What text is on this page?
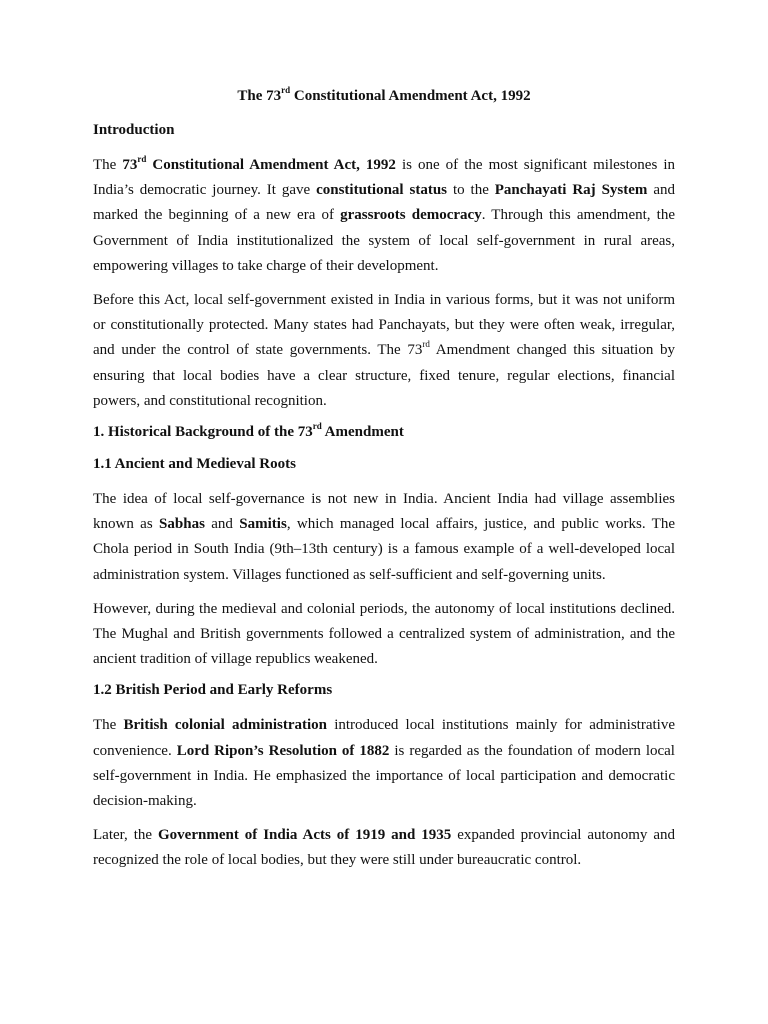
The 73rd Constitutional Amendment Act, 1992
Introduction

The 73rd Constitutional Amendment Act, 1992 is one of the most significant milestones in India’s democratic journey. It gave constitutional status to the Panchayati Raj System and marked the beginning of a new era of grassroots democracy. Through this amendment, the Government of India institutionalized the system of local self-government in rural areas, empowering villages to take charge of their development.

Before this Act, local self-government existed in India in various forms, but it was not uniform or constitutionally protected. Many states had Panchayats, but they were often weak, irregular, and under the control of state governments. The 73rd Amendment changed this situation by ensuring that local bodies have a clear structure, fixed tenure, regular elections, financial powers, and constitutional recognition.

1. Historical Background of the 73rd Amendment
1.1 Ancient and Medieval Roots

The idea of local self-governance is not new in India. Ancient India had village assemblies known as Sabhas and Samitis, which managed local affairs, justice, and public works. The Chola period in South India (9th–13th century) is a famous example of a well-developed local administration system. Villages functioned as self-sufficient and self-governing units.

However, during the medieval and colonial periods, the autonomy of local institutions declined. The Mughal and British governments followed a centralized system of administration, and the ancient tradition of village republics weakened.

1.2 British Period and Early Reforms

The British colonial administration introduced local institutions mainly for administrative convenience. Lord Ripon’s Resolution of 1882 is regarded as the foundation of modern local self-government in India. He emphasized the importance of local participation and democratic decision-making.

Later, the Government of India Acts of 1919 and 1935 expanded provincial autonomy and recognized the role of local bodies, but they were still under bureaucratic control.
